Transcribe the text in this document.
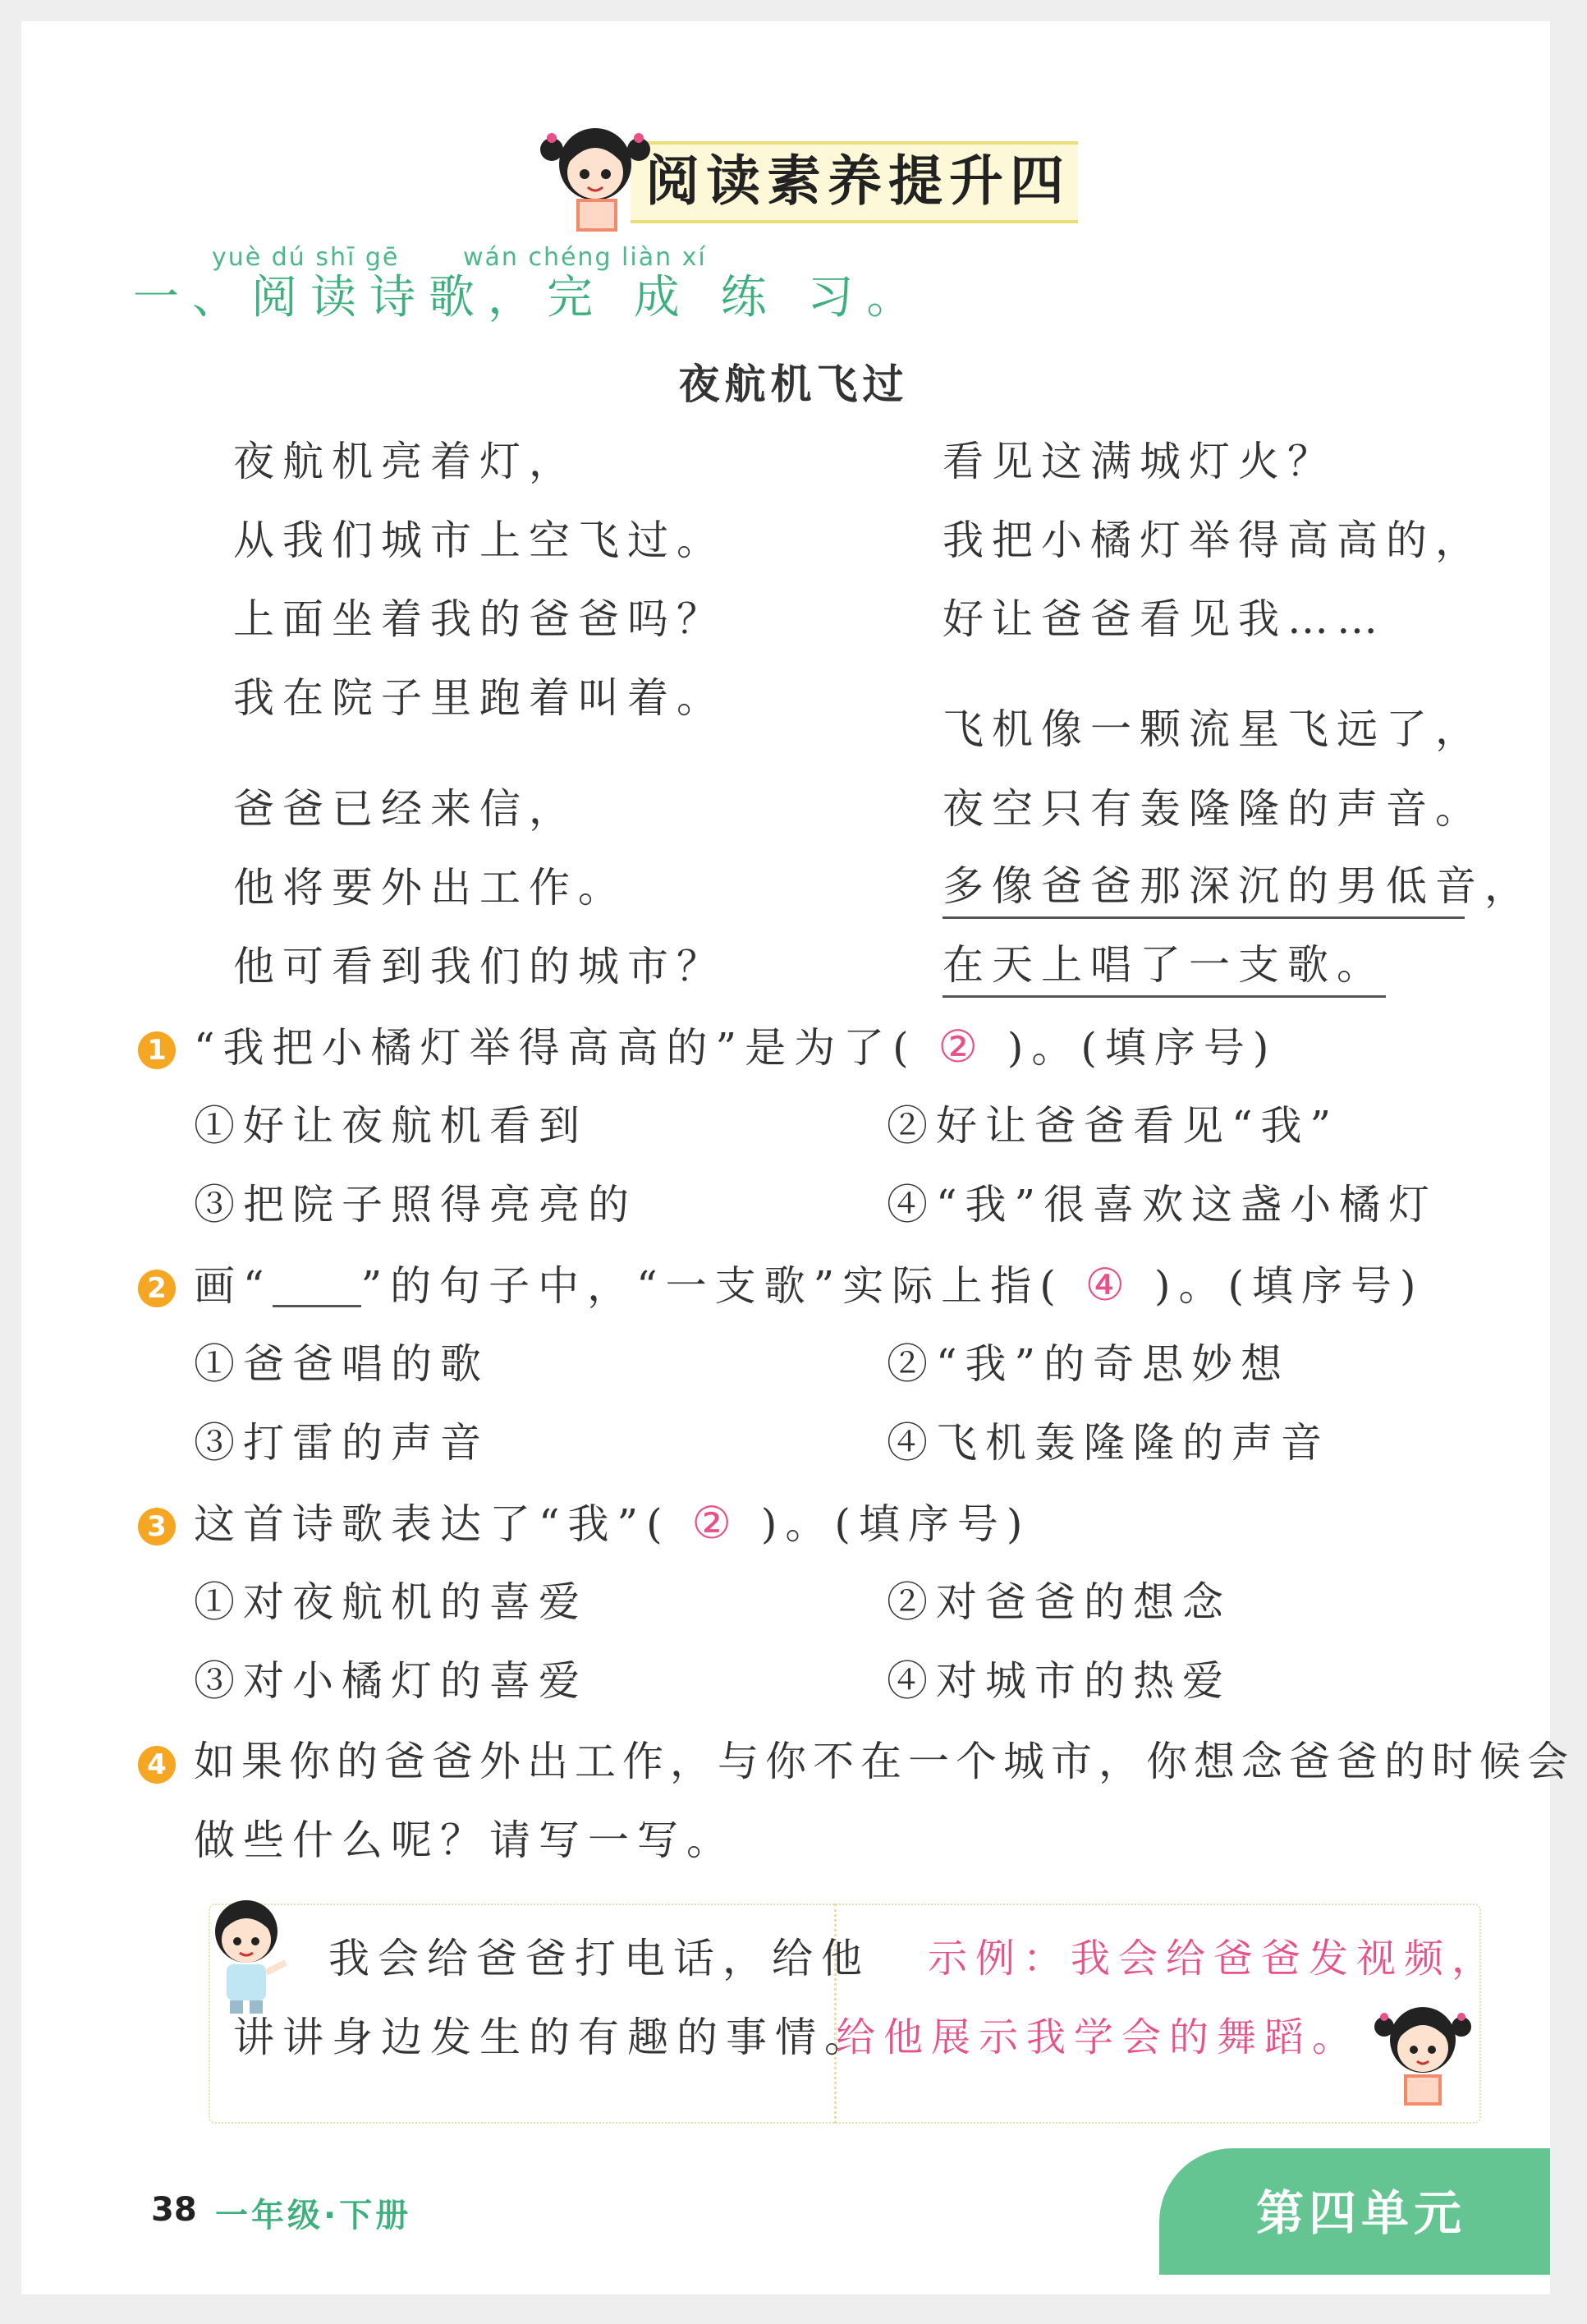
阅读素养提升四
yuè dú shī gē	wán chéng liàn xí
一、阅读诗歌，完 成 练 习。
夜航机飞过
夜航机亮着灯，
从我们城市上空飞过。
上面坐着我的爸爸吗？
我在院子里跑着叫着。
爸爸已经来信，
他将要外出工作。
他可看到我们的城市？
看见这满城灯火？
我把小橘灯举得高高的，
好让爸爸看见我……
飞机像一颗流星飞远了，
夜空只有轰隆隆的声音。
多像爸爸那深沉的男低音，
在天上唱了一支歌。
1 “我把小橘灯举得高高的”是为了( ② )。(填序号)
①好让夜航机看到	②好让爸爸看见“我”
③把院子照得亮亮的	④“我”很喜欢这盏小橘灯
2 画“ ”的句子中，“一支歌”实际上指( ④ )。(填序号)
①爸爸唱的歌	②“我”的奇思妙想
③打雷的声音	④飞机轰隆隆的声音
3 这首诗歌表达了“我”( ② )。(填序号)
①对夜航机的喜爱	②对爸爸的想念
③对小橘灯的喜爱	④对城市的热爱
4 如果你的爸爸外出工作，与你不在一个城市，你想念爸爸的时候会
做些什么呢？请写一写。
我会给爸爸打电话，给他
讲讲身边发生的有趣的事情。
示例：我会给爸爸发视频，
给他展示我学会的舞蹈。
38 一年级·下册	第四单元
